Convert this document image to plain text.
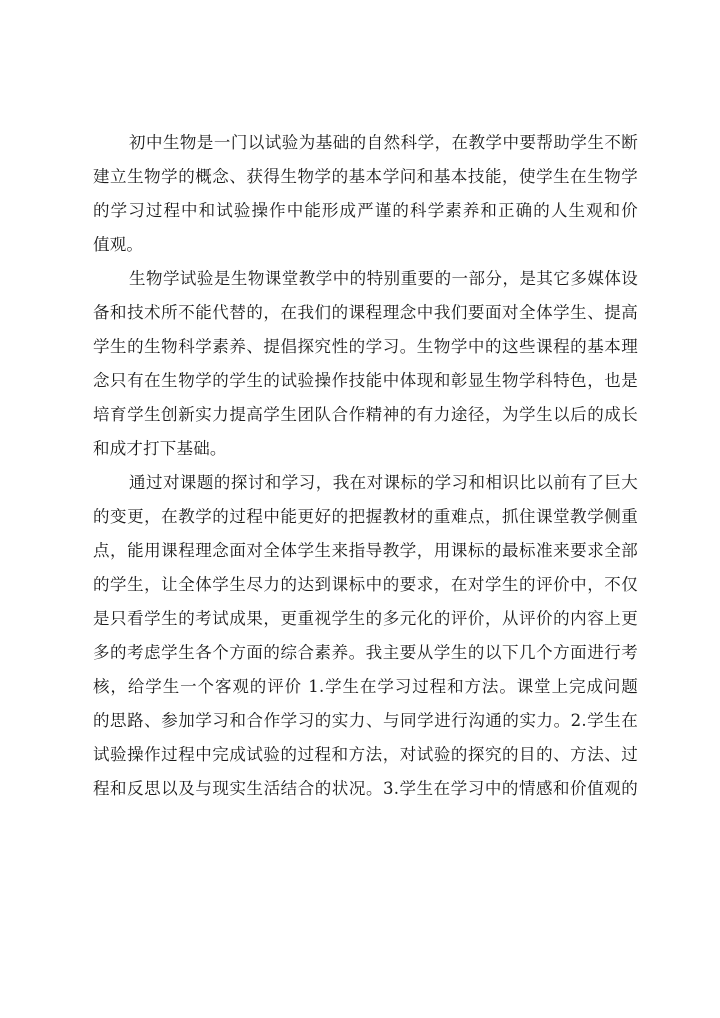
初中生物是一门以试验为基础的自然科学，在教学中要帮助学生不断
建立生物学的概念、获得生物学的基本学问和基本技能，使学生在生物学
的学习过程中和试验操作中能形成严谨的科学素养和正确的人生观和价
值观。
生物学试验是生物课堂教学中的特别重要的一部分，是其它多媒体设
备和技术所不能代替的，在我们的课程理念中我们要面对全体学生、提高
学生的生物科学素养、提倡探究性的学习。生物学中的这些课程的基本理
念只有在生物学的学生的试验操作技能中体现和彰显生物学科特色，也是
培育学生创新实力提高学生团队合作精神的有力途径，为学生以后的成长
和成才打下基础。
通过对课题的探讨和学习，我在对课标的学习和相识比以前有了巨大
的变更，在教学的过程中能更好的把握教材的重难点，抓住课堂教学侧重
点，能用课程理念面对全体学生来指导教学，用课标的最标准来要求全部
的学生，让全体学生尽力的达到课标中的要求，在对学生的评价中，不仅
是只看学生的考试成果，更重视学生的多元化的评价，从评价的内容上更
多的考虑学生各个方面的综合素养。我主要从学生的以下几个方面进行考
核，给学生一个客观的评价 1.学生在学习过程和方法。课堂上完成问题
的思路、参加学习和合作学习的实力、与同学进行沟通的实力。2.学生在
试验操作过程中完成试验的过程和方法，对试验的探究的目的、方法、过
程和反思以及与现实生活结合的状况。3.学生在学习中的情感和价值观的
